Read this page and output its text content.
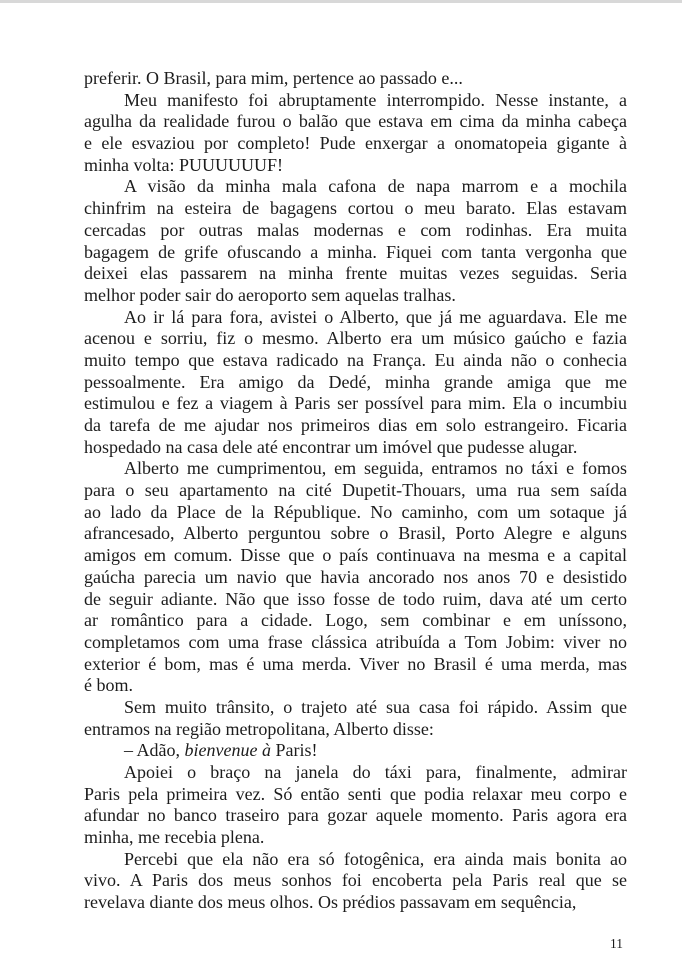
preferir. O Brasil, para mim, pertence ao passado e...

Meu manifesto foi abruptamente interrompido. Nesse instante, a
agulha da realidade furou o balão que estava em cima da minha cabeça
e ele esvaziou por completo! Pude enxergar a onomatopeia gigante à
minha volta: PUUUUUUF!

A visão da minha mala cafona de napa marrom e a mochila
chinfrim na esteira de bagagens cortou o meu barato. Elas estavam
cercadas por outras malas modernas e com rodinhas. Era muita
bagagem de grife ofuscando a minha. Fiquei com tanta vergonha que
deixei elas passarem na minha frente muitas vezes seguidas. Seria
melhor poder sair do aeroporto sem aquelas tralhas.

Ao ir lá para fora, avistei o Alberto, que já me aguardava. Ele me
acenou e sorriu, fiz o mesmo. Alberto era um músico gaúcho e fazia
muito tempo que estava radicado na França. Eu ainda não o conhecia
pessoalmente. Era amigo da Dedé, minha grande amiga que me
estimulou e fez a viagem à Paris ser possível para mim. Ela o incumbiu
da tarefa de me ajudar nos primeiros dias em solo estrangeiro. Ficaria
hospedado na casa dele até encontrar um imóvel que pudesse alugar.

Alberto me cumprimentou, em seguida, entramos no táxi e fomos
para o seu apartamento na cité Dupetit-Thouars, uma rua sem saída
ao lado da Place de la République. No caminho, com um sotaque já
afrancesado, Alberto perguntou sobre o Brasil, Porto Alegre e alguns
amigos em comum. Disse que o país continuava na mesma e a capital
gaúcha parecia um navio que havia ancorado nos anos 70 e desistido
de seguir adiante. Não que isso fosse de todo ruim, dava até um certo
ar romântico para a cidade. Logo, sem combinar e em uníssono,
completamos com uma frase clássica atribuída a Tom Jobim: viver no
exterior é bom, mas é uma merda. Viver no Brasil é uma merda, mas
é bom.

Sem muito trânsito, o trajeto até sua casa foi rápido. Assim que
entramos na região metropolitana, Alberto disse:

– Adão, bienvenue à Paris!

Apoiei o braço na janela do táxi para, finalmente, admirar
Paris pela primeira vez. Só então senti que podia relaxar meu corpo e
afundar no banco traseiro para gozar aquele momento. Paris agora era
minha, me recebia plena.

Percebi que ela não era só fotogênica, era ainda mais bonita ao
vivo. A Paris dos meus sonhos foi encoberta pela Paris real que se
revelava diante dos meus olhos. Os prédios passavam em sequência,

11
